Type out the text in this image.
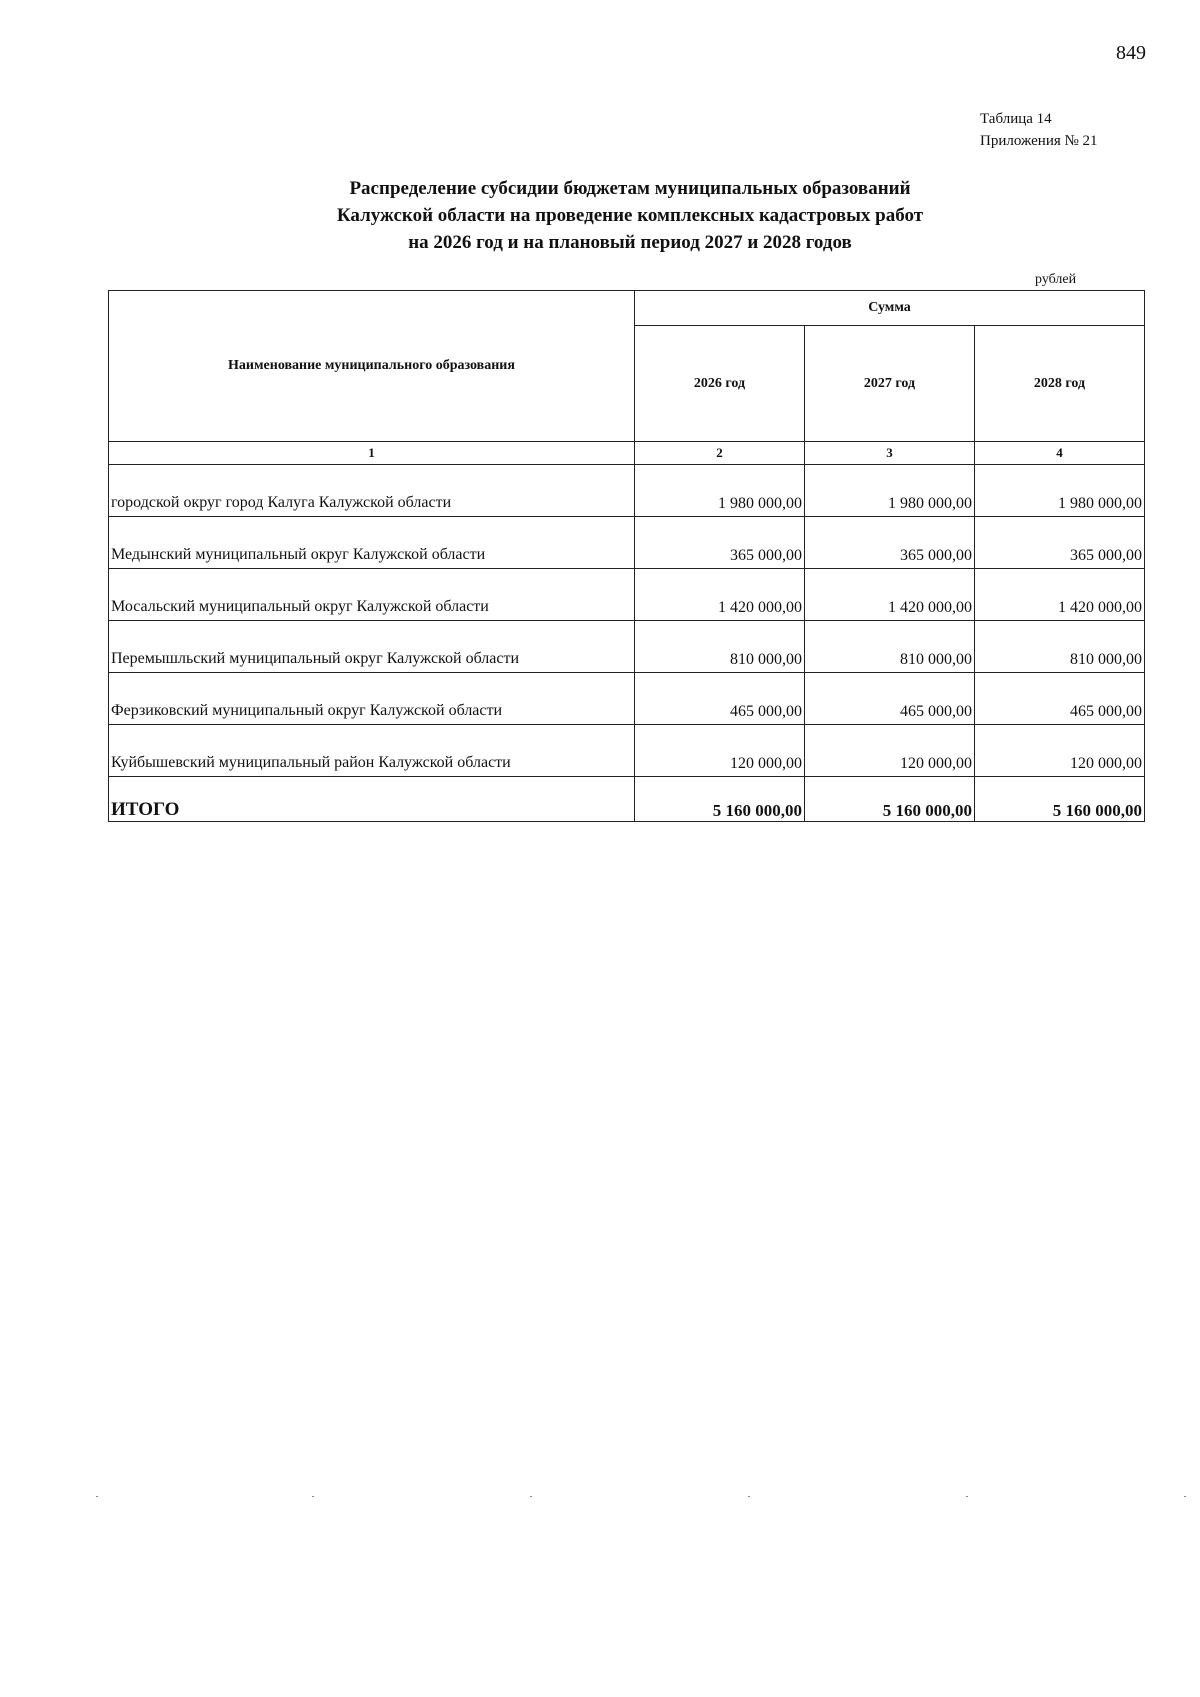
849
Таблица 14
Приложения № 21
Распределение субсидии бюджетам муниципальных образований
Калужской области на проведение комплексных кадастровых работ
на 2026 год и на плановый период 2027 и 2028 годов
рублей
Наименование муниципального образования	Сумма		
	2026 год	2027 год	2028 год
1	2	3	4
городской округ город Калуга Калужской области	1 980 000,00	1 980 000,00	1 980 000,00
Медынский муниципальный округ Калужской области	365 000,00	365 000,00	365 000,00
Мосальский муниципальный округ Калужской области	1 420 000,00	1 420 000,00	1 420 000,00
Перемышльский муниципальный округ Калужской области	810 000,00	810 000,00	810 000,00
Ферзиковский муниципальный округ Калужской области	465 000,00	465 000,00	465 000,00
Куйбышевский муниципальный район Калужской области	120 000,00	120 000,00	120 000,00
ИТОГО	5 160 000,00	5 160 000,00	5 160 000,00
